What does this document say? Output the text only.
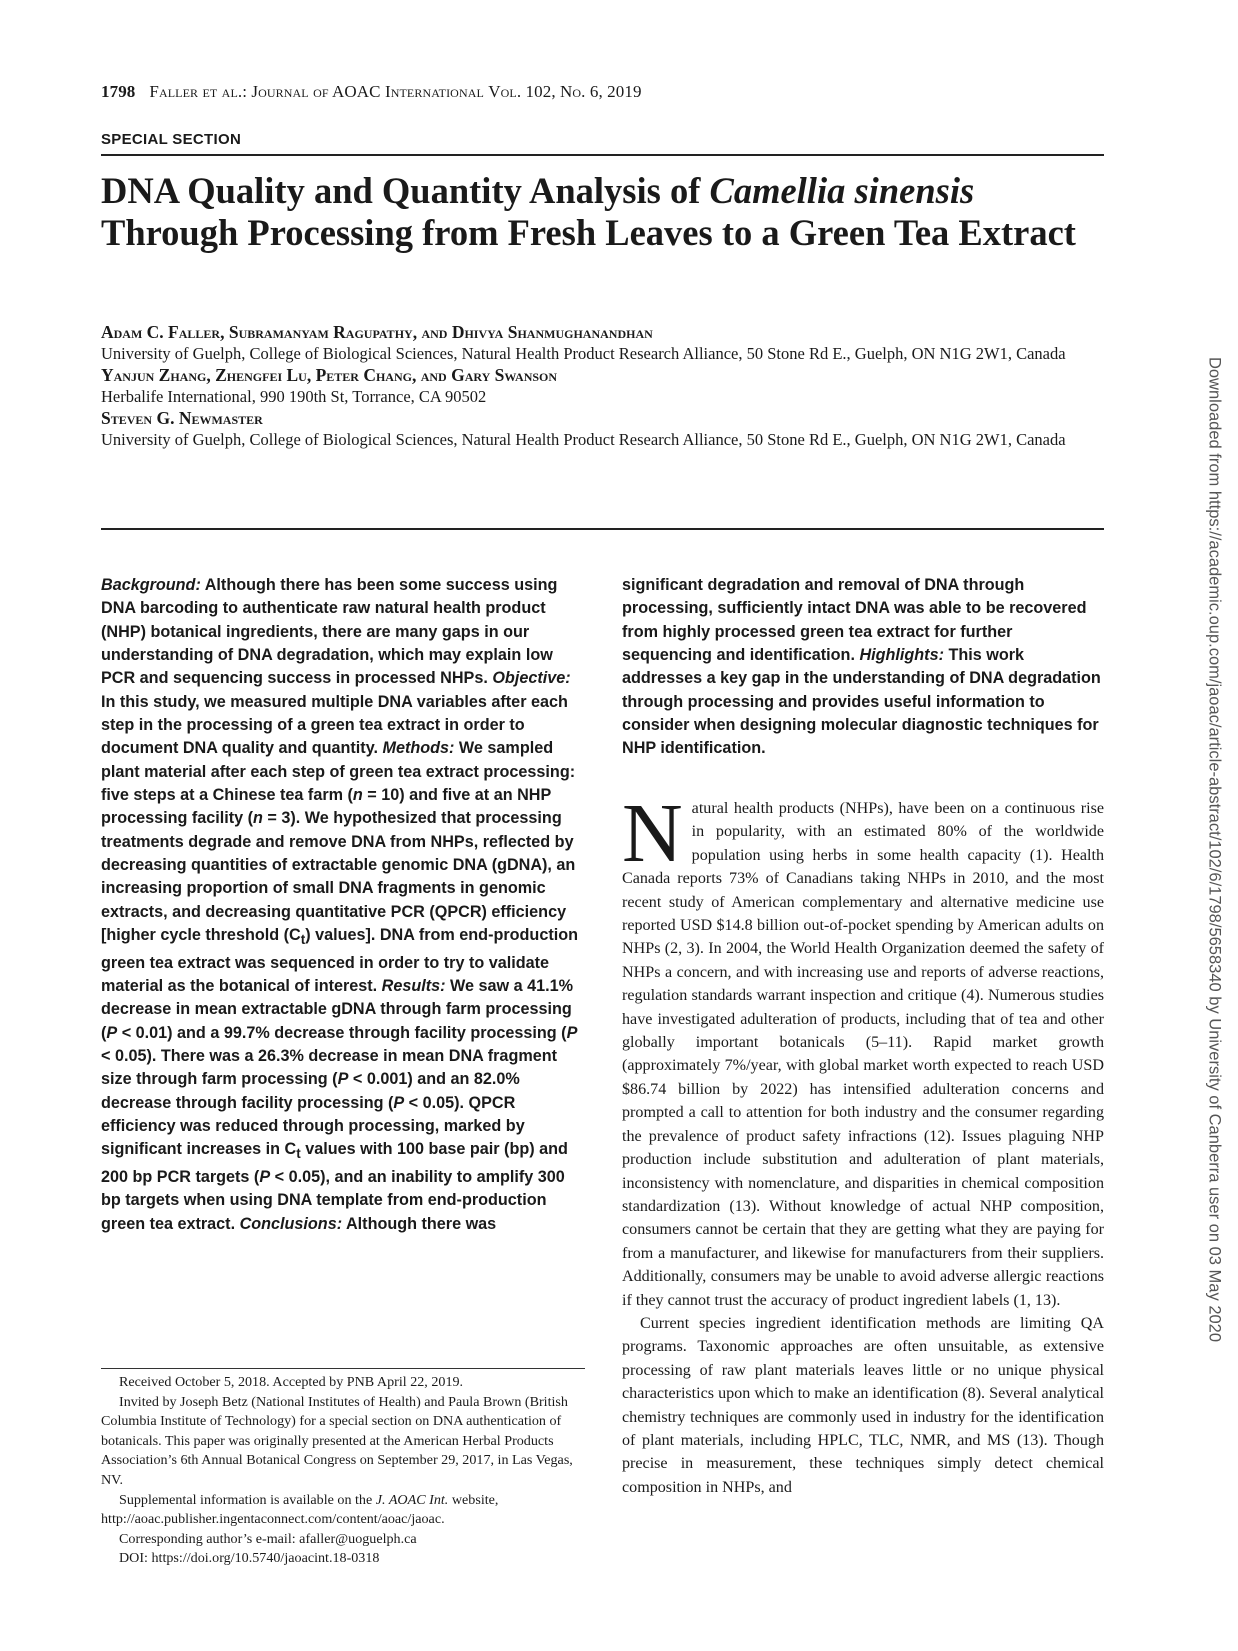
1798 Faller et al.: Journal of AOAC International Vol. 102, No. 6, 2019
SPECIAL SECTION
DNA Quality and Quantity Analysis of Camellia sinensis
Through Processing from Fresh Leaves to a Green Tea Extract
Adam C. Faller, Subramanyam Ragupathy, and Dhivya Shanmughanandhan
University of Guelph, College of Biological Sciences, Natural Health Product Research Alliance, 50 Stone Rd E., Guelph, ON N1G 2W1, Canada
Yanjun Zhang, Zhengfei Lu, Peter Chang, and Gary Swanson
Herbalife International, 990 190th St, Torrance, CA 90502
Steven G. Newmaster
University of Guelph, College of Biological Sciences, Natural Health Product Research Alliance, 50 Stone Rd E., Guelph, ON N1G 2W1, Canada
Background: Although there has been some success using DNA barcoding to authenticate raw natural health product (NHP) botanical ingredients, there are many gaps in our understanding of DNA degradation, which may explain low PCR and sequencing success in processed NHPs. Objective: In this study, we measured multiple DNA variables after each step in the processing of a green tea extract in order to document DNA quality and quantity. Methods: We sampled plant material after each step of green tea extract processing: five steps at a Chinese tea farm (n = 10) and five at an NHP processing facility (n = 3). We hypothesized that processing treatments degrade and remove DNA from NHPs, reflected by decreasing quantities of extractable genomic DNA (gDNA), an increasing proportion of small DNA fragments in genomic extracts, and decreasing quantitative PCR (QPCR) efficiency [higher cycle threshold $(C_t)$ values]. DNA from end-production green tea extract was sequenced in order to try to validate material as the botanical of interest. Results: We saw a 41.1% decrease in mean extractable gDNA through farm processing (P < 0.01) and a 99.7% decrease through facility processing (P < 0.05). There was a 26.3% decrease in mean DNA fragment size through farm processing (P < 0.001) and an 82.0% decrease through facility processing (P < 0.05). QPCR efficiency was reduced through processing, marked by significant increases in $C_t$ values with 100 base pair (bp) and 200 bp PCR targets (P < 0.05), and an inability to amplify 300 bp targets when using DNA template from end-production green tea extract. Conclusions: Although there was
significant degradation and removal of DNA through processing, sufficiently intact DNA was able to be recovered from highly processed green tea extract for further sequencing and identification. Highlights: This work addresses a key gap in the understanding of DNA degradation through processing and provides useful information to consider when designing molecular diagnostic techniques for NHP identification.

Natural health products (NHPs), have been on a continuous rise in popularity, with an estimated 80% of the worldwide population using herbs in some health capacity (1). Health Canada reports 73% of Canadians taking NHPs in 2010, and the most recent study of American complementary and alternative medicine use reported USD $14.8 billion out-of-pocket spending by American adults on NHPs (2, 3). In 2004, the World Health Organization deemed the safety of NHPs a concern, and with increasing use and reports of adverse reactions, regulation standards warrant inspection and critique (4). Numerous studies have investigated adulteration of products, including that of tea and other globally important botanicals (5–11). Rapid market growth (approximately 7%/year, with global market worth expected to reach USD $86.74 billion by 2022) has intensified adulteration concerns and prompted a call to attention for both industry and the consumer regarding the prevalence of product safety infractions (12). Issues plaguing NHP production include substitution and adulteration of plant materials, inconsistency with nomenclature, and disparities in chemical composition standardization (13). Without knowledge of actual NHP composition, consumers cannot be certain that they are getting what they are paying for from a manufacturer, and likewise for manufacturers from their suppliers. Additionally, consumers may be unable to avoid adverse allergic reactions if they cannot trust the accuracy of product ingredient labels (1, 13).

Current species ingredient identification methods are limiting QA programs. Taxonomic approaches are often unsuitable, as extensive processing of raw plant materials leaves little or no unique physical characteristics upon which to make an identification (8). Several analytical chemistry techniques are commonly used in industry for the identification of plant materials, including HPLC, TLC, NMR, and MS (13). Though precise in measurement, these techniques simply detect chemical composition in NHPs, and

Received October 5, 2018. Accepted by PNB April 22, 2019.

Invited by Joseph Betz (National Institutes of Health) and Paula Brown (British Columbia Institute of Technology) for a special section on DNA authentication of botanicals. This paper was originally presented at the American Herbal Products Association’s 6th Annual Botanical Congress on September 29, 2017, in Las Vegas, NV.

Supplemental information is available on the J. AOAC Int. website, http://aoac.publisher.ingentaconnect.com/content/aoac/jaoac.

Corresponding author’s e-mail: afaller@uoguelph.ca

DOI: https://doi.org/10.5740/jaoacint.18-0318

Downloaded from https://academic.oup.com/jaoac/article-abstract/102/6/1798/5658340 by University of Canberra user on 03 May 2020
